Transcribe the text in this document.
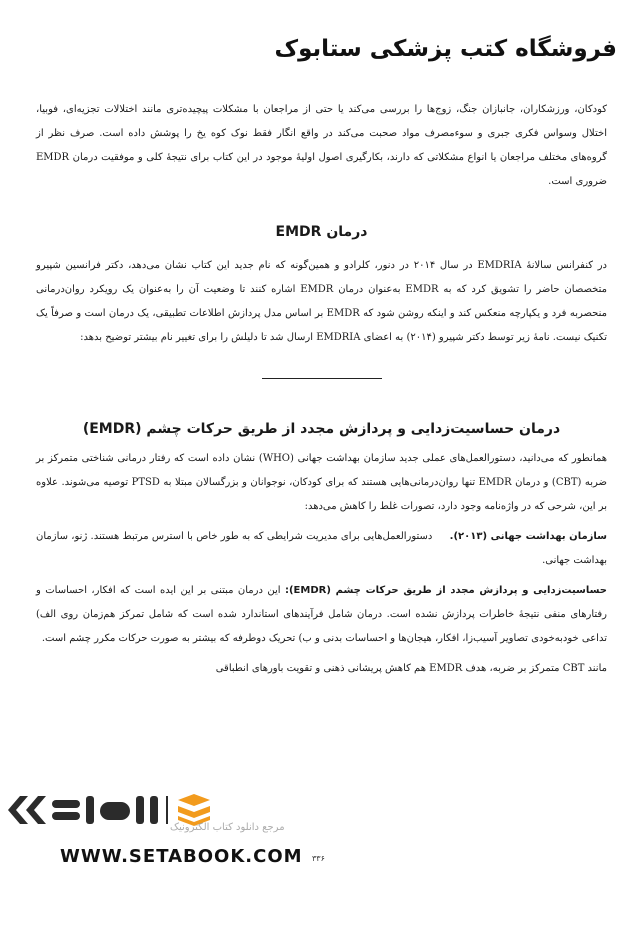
فروشگاه کتب پزشکی ستابوک

کودکان، ورزشکاران، جانبازان جنگ، زوج‌ها را بررسی می‌کند یا حتی از مراجعان با مشکلات پیچیده‌تری مانند اختلالات تجزیه‌ای، فوبیا، اختلال وسواس فکری جبری و سوءمصرف مواد صحبت می‌کند در واقع انگار فقط نوک کوه یخ را پوشش داده است. صرف نظر از گروه‌های مختلف مراجعان یا انواع مشکلاتی که دارند، بکارگیری اصول اولیهٔ موجود در این کتاب برای نتیجهٔ کلی و موفقیت درمان EMDR ضروری است.

درمان EMDR

در کنفرانس سالانهٔ EMDRIA در سال ۲۰۱۴ در دنور، کلرادو و همین‌گونه که نام جدید این کتاب نشان می‌دهد، دکتر فرانسین شپیرو متخصصان حاضر را تشویق کرد که به EMDR به‌عنوان درمان EMDR اشاره کنند تا وضعیت آن را به‌عنوان یک رویکرد روان‌درمانی منحصربه فرد و یکپارچه منعکس کند و اینکه روشن شود که EMDR بر اساس مدل پردازش اطلاعات تطبیقی، یک درمان است و صرفاً یک تکنیک نیست. نامهٔ زیر توسط دکتر شپیرو (۲۰۱۴) به اعضای EMDRIA ارسال شد تا دلیلش را برای تغییر نام بیشتر توضیح بدهد:

درمان حساسیت‌زدایی و پردازش مجدد از طریق حرکات چشم (EMDR)

همانطور که می‌دانید، دستورالعمل‌های عملی جدید سازمان بهداشت جهانی (WHO) نشان داده است که رفتار درمانی شناختی متمرکز بر ضربه (CBT) و درمان EMDR تنها روان‌درمانی‌هایی هستند که برای کودکان، نوجوانان و بزرگسالان مبتلا به PTSD توصیه می‌شوند. علاوه بر این، شرحی که در واژه‌نامه وجود دارد، تصورات غلط را کاهش می‌دهد:

سازمان بهداشت جهانی (۲۰۱۳). دستورالعمل‌هایی برای مدیریت شرایطی که به طور خاص با استرس مرتبط هستند. ژنو، سازمان بهداشت جهانی.

حساسیت‌زدایی و پردازش مجدد از طریق حرکات چشم (EMDR): این درمان مبتنی بر این ایده است که افکار، احساسات و رفتارهای منفی نتیجهٔ خاطرات پردازش نشده است. درمان شامل فرآیندهای استاندارد شده است که شامل تمرکز هم‌زمان روی الف) تداعی خودبه‌خودی تصاویر آسیب‌زا، افکار، هیجان‌ها و احساسات بدنی و ب) تحریک دوطرفه که بیشتر به صورت حرکات مکرر چشم است.

مانند CBT متمرکز بر ضربه، هدف EMDR هم کاهش پریشانی ذهنی و تقویت باورهای انطباقی

مرجع دانلود کتاب الکترونیک
WWW.SETABOOK.COM ۳۳۶
